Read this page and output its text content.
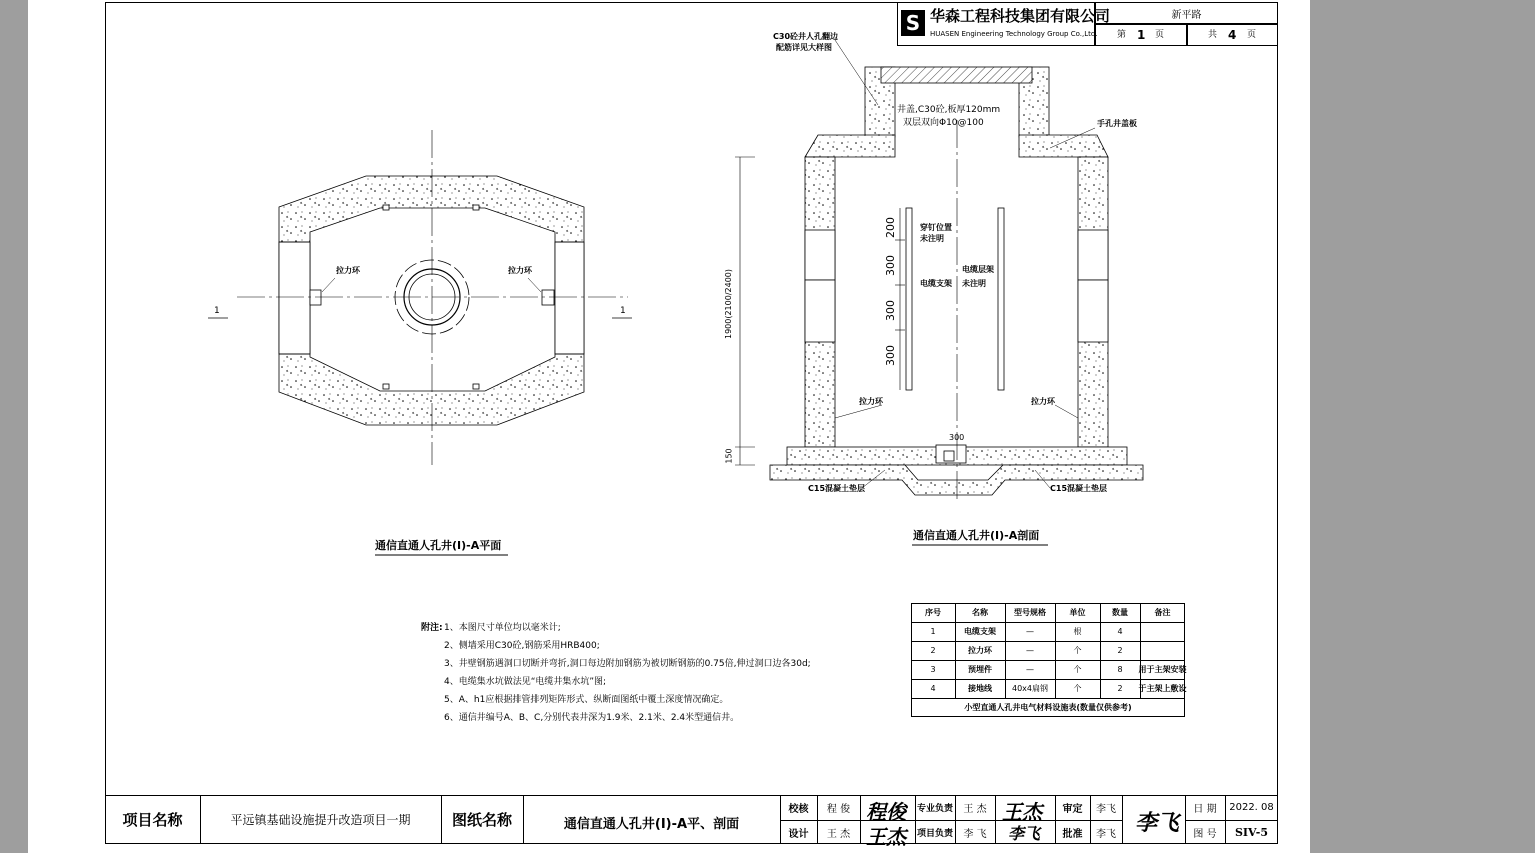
S 华森工程科技集团有限公司
HUASEN Engineering Technology Group Co.,Ltd.
新平路
第 1 页	共 4 页
拉力环	拉力环
1	1
通信直通人孔井(Ⅰ)-A平面
C30砼井人孔翻边
配筋详见大样图
井盖,C30砼,板厚120mm
双层双向Φ10@100	手孔井盖板
穿钉位置
未注明
电缆支架
电缆层架
未注明
拉力环	拉力环
C15混凝土垫层	C15混凝土垫层
300
1900(2100/2400)
150
200
300
300
300
通信直通人孔井(Ⅰ)-A剖面
附注: 1、本图尺寸单位均以毫米计;
2、侧墙采用C30砼,钢筋采用HRB400;
3、井壁钢筋遇洞口切断并弯折,洞口每边附加钢筋为被切断钢筋的0.75倍,伸过洞口边各30d;
4、电缆集水坑做法见“电缆井集水坑”图;
5、A、h1应根据排管排列矩阵形式、纵断面图纸中覆土深度情况确定。
6、通信井编号A、B、C,分别代表井深为1.9米、2.1米、2.4米型通信井。
序号	名称	型号规格	单位	数量	备注
1	电缆支架	—	根	4
2	拉力环	—	个	2
3	预埋件	—	个	8	用于主架安装
4	接地线	40x4扁钢	个	2	于主架上敷设
小型直通人孔井电气材料设施表(数量仅供参考)
项目名称	平远镇基础设施提升改造项目一期	图纸名称	通信直通人孔井(Ⅰ)-A平、剖面
校核	程 俊
设计	王 杰
程俊
王杰
专业负责	王 杰
项目负责	李 飞
王杰
李飞
审定	李飞
批准	李飞 李飞
日 期	2022. 08
图 号	SIV-5
